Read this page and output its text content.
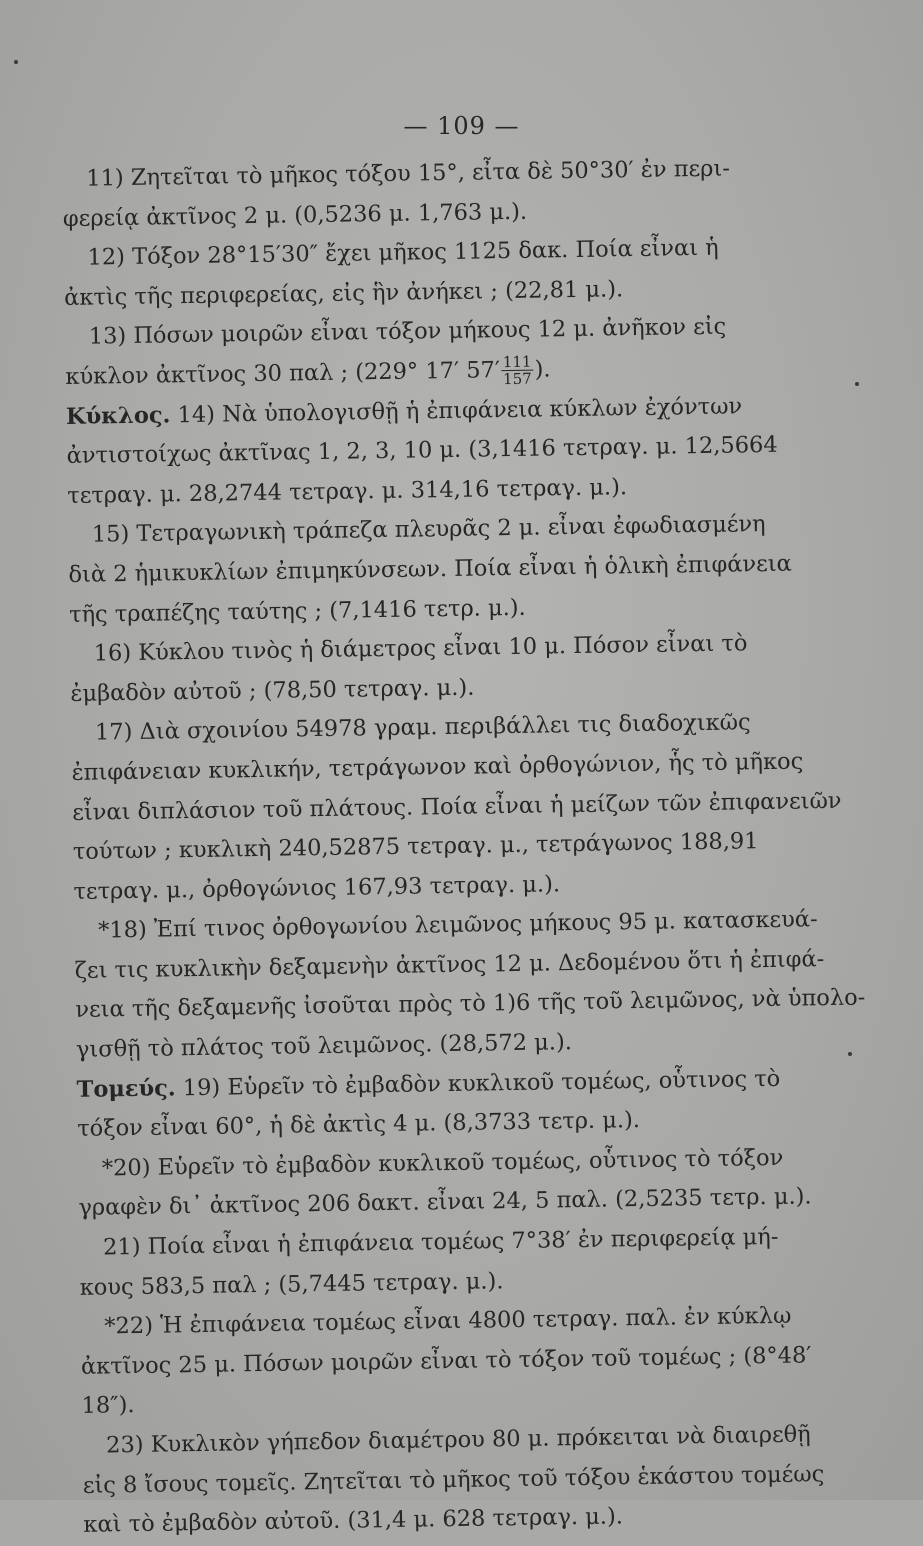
— 109 —
11) Ζητεῖται τὸ μῆκος τόξου 15°, εἶτα δὲ 50°30′ ἐν περι-
φερείᾳ ἀκτῖνος 2 μ. (0,5236 μ. 1,763 μ.).
12) Τόξον 28°15′30″ ἔχει μῆκος 1125 δακ. Ποία εἶναι ἡ
ἀκτὶς τῆς περιφερείας, εἰς ἣν ἀνήκει ; (22,81 μ.).
13) Πόσων μοιρῶν εἶναι τόξον μήκους 12 μ. ἀνῆκον εἰς
κύκλον ἀκτῖνος 30 παλ ; (229° 17′ $57' \frac{111}{157}$ ).
Κύκλος. 14) Νὰ ὑπολογισθῇ ἡ ἐπιφάνεια κύκλων ἐχόντων
ἀντιστοίχως ἀκτῖνας 1, 2, 3, 10 μ. (3,1416 τετραγ. μ. 12,5664
τετραγ. μ. 28,2744 τετραγ. μ. 314,16 τετραγ. μ.).
15) Τετραγωνικὴ τράπεζα πλευρᾶς 2 μ. εἶναι ἐφωδιασμένη
διὰ 2 ἡμικυκλίων ἐπιμηκύνσεων. Ποία εἶναι ἡ ὁλικὴ ἐπιφάνεια
τῆς τραπέζης ταύτης ; (7,1416 τετρ. μ.).
16) Κύκλου τινὸς ἡ διάμετρος εἶναι 10 μ. Πόσον εἶναι τὸ
ἐμβαδὸν αὐτοῦ ; (78,50 τετραγ. μ.).
17) Διὰ σχοινίου 54978 γραμ. περιβάλλει τις διαδοχικῶς
ἐπιφάνειαν κυκλικήν, τετράγωνον καὶ ὀρθογώνιον, ἧς τὸ μῆκος
εἶναι διπλάσιον τοῦ πλάτους. Ποία εἶναι ἡ μείζων τῶν ἐπιφανειῶν
τούτων ; κυκλικὴ 240,52875 τετραγ. μ., τετράγωνος 188,91
τετραγ. μ., ὀρθογώνιος 167,93 τετραγ. μ.).
*18) Ἐπί τινος ὀρθογωνίου λειμῶνος μήκους 95 μ. κατασκευά-
ζει τις κυκλικὴν δεξαμενὴν ἀκτῖνος 12 μ. Δεδομένου ὅτι ἡ ἐπιφά-
νεια τῆς δεξαμενῆς ἰσοῦται πρὸς τὸ 1)6 τῆς τοῦ λειμῶνος, νὰ ὑπολο-
γισθῇ τὸ πλάτος τοῦ λειμῶνος. (28,572 μ.).
Τομεύς. 19) Εὑρεῖν τὸ ἐμβαδὸν κυκλικοῦ τομέως, οὗτινος τὸ
τόξον εἶναι 60°, ἡ δὲ ἀκτὶς 4 μ. (8,3733 τετρ. μ.).
*20) Εὑρεῖν τὸ ἐμβαδὸν κυκλικοῦ τομέως, οὗτινος τὸ τόξον
γραφὲν δι᾽ ἀκτῖνος 206 δακτ. εἶναι 24, 5 παλ. (2,5235 τετρ. μ.).
21) Ποία εἶναι ἡ ἐπιφάνεια τομέως 7°38′ ἐν περιφερείᾳ μή-
κους 583,5 παλ ; (5,7445 τετραγ. μ.).
*22) Ἡ ἐπιφάνεια τομέως εἶναι 4800 τετραγ. παλ. ἐν κύκλῳ
ἀκτῖνος 25 μ. Πόσων μοιρῶν εἶναι τὸ τόξον τοῦ τομέως ; (8°48′
18″).
23) Κυκλικὸν γήπεδον διαμέτρου 80 μ. πρόκειται νὰ διαιρεθῇ
εἰς 8 ἴσους τομεῖς. Ζητεῖται τὸ μῆκος τοῦ τόξου ἑκάστου τομέως
καὶ τὸ ἐμβαδὸν αὐτοῦ. (31,4 μ. 628 τετραγ. μ.).
